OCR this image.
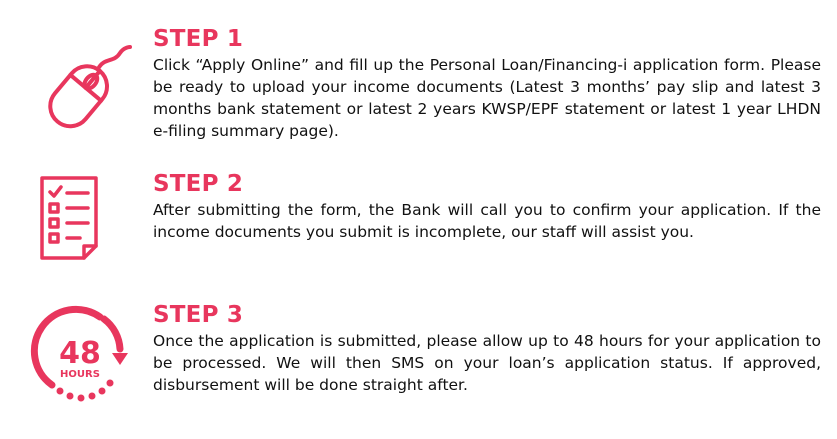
STEP 1

Click “Apply Online” and fill up the Personal Loan/Financing-i application form. Please be ready to upload your income documents (Latest 3 months’ pay slip and latest 3 months bank statement or latest 2 years KWSP/EPF statement or latest 1 year LHDN e-filing summary page).

STEP 2

After submitting the form, the Bank will call you to confirm your application. If the income documents you submit is incomplete, our staff will assist you.

48
HOURS
STEP 3

Once the application is submitted, please allow up to 48 hours for your application to be processed. We will then SMS on your loan’s application status. If approved, disbursement will be done straight after.
